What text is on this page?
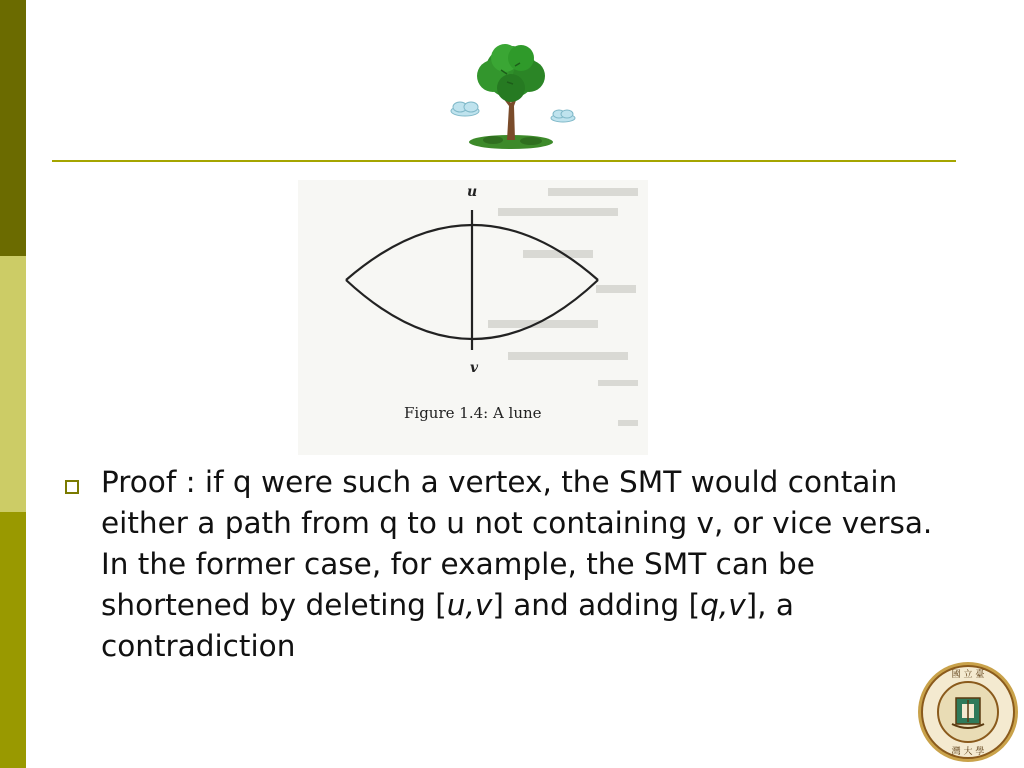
u
v
Figure 1.4: A lune

Proof : if q were such a vertex, the SMT would contain either a path from q to u not containing v, or vice versa. In the former case, for example, the SMT can be shortened by deleting [u,v] and adding [q,v], a contradiction

國 立 臺
灣 大 學
